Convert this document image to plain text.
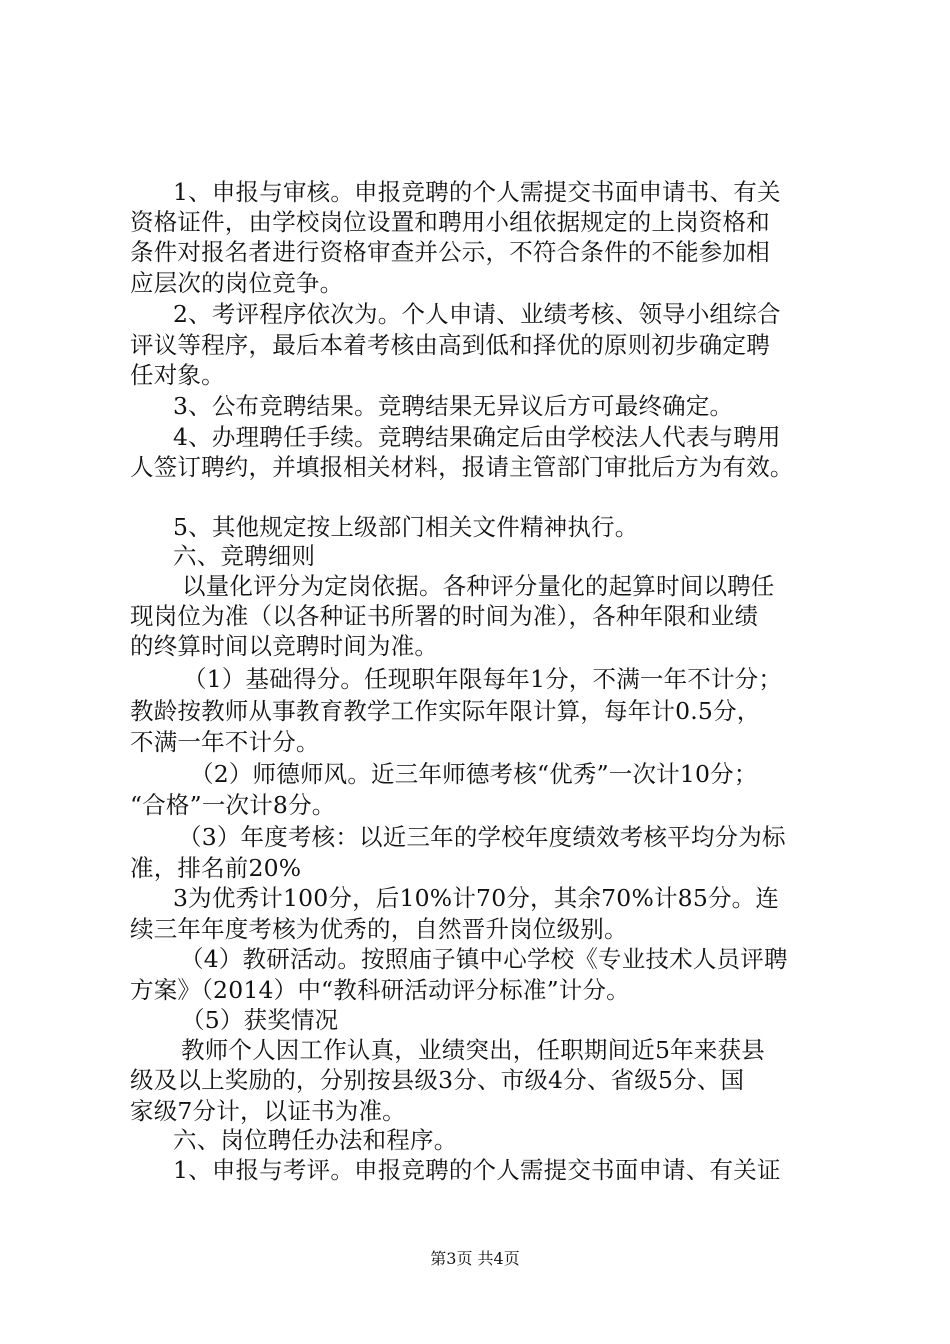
1、申报与审核。申报竞聘的个人需提交书面申请书、有关
资格证件，由学校岗位设置和聘用小组依据规定的上岗资格和
条件对报名者进行资格审查并公示，不符合条件的不能参加相
应层次的岗位竞争。
2、考评程序依次为。个人申请、业绩考核、领导小组综合
评议等程序，最后本着考核由高到低和择优的原则初步确定聘
任对象。
3、公布竞聘结果。竞聘结果无异议后方可最终确定。
4、办理聘任手续。竞聘结果确定后由学校法人代表与聘用
人签订聘约，并填报相关材料，报请主管部门审批后方为有效。
5、其他规定按上级部门相关文件精神执行。
六、竞聘细则
以量化评分为定岗依据。各种评分量化的起算时间以聘任
现岗位为准（以各种证书所署的时间为准），各种年限和业绩
的终算时间以竞聘时间为准。
（1）基础得分。任现职年限每年1分，不满一年不计分；
教龄按教师从事教育教学工作实际年限计算，每年计0.5分，
不满一年不计分。
（2）师德师风。近三年师德考核“优秀”一次计10分；
“合格”一次计8分。
（3）年度考核：以近三年的学校年度绩效考核平均分为标
准，排名前20%
3为优秀计100分，后10%计70分，其余70%计85分。连
续三年年度考核为优秀的，自然晋升岗位级别。
（4）教研活动。按照庙子镇中心学校《专业技术人员评聘
方案》（2014）中“教科研活动评分标准”计分。
（5）获奖情况
教师个人因工作认真，业绩突出，任职期间近5年来获县
级及以上奖励的，分别按县级3分、市级4分、省级5分、国
家级7分计，以证书为准。
六、岗位聘任办法和程序。
1、申报与考评。申报竞聘的个人需提交书面申请、有关证
第3页 共4页
